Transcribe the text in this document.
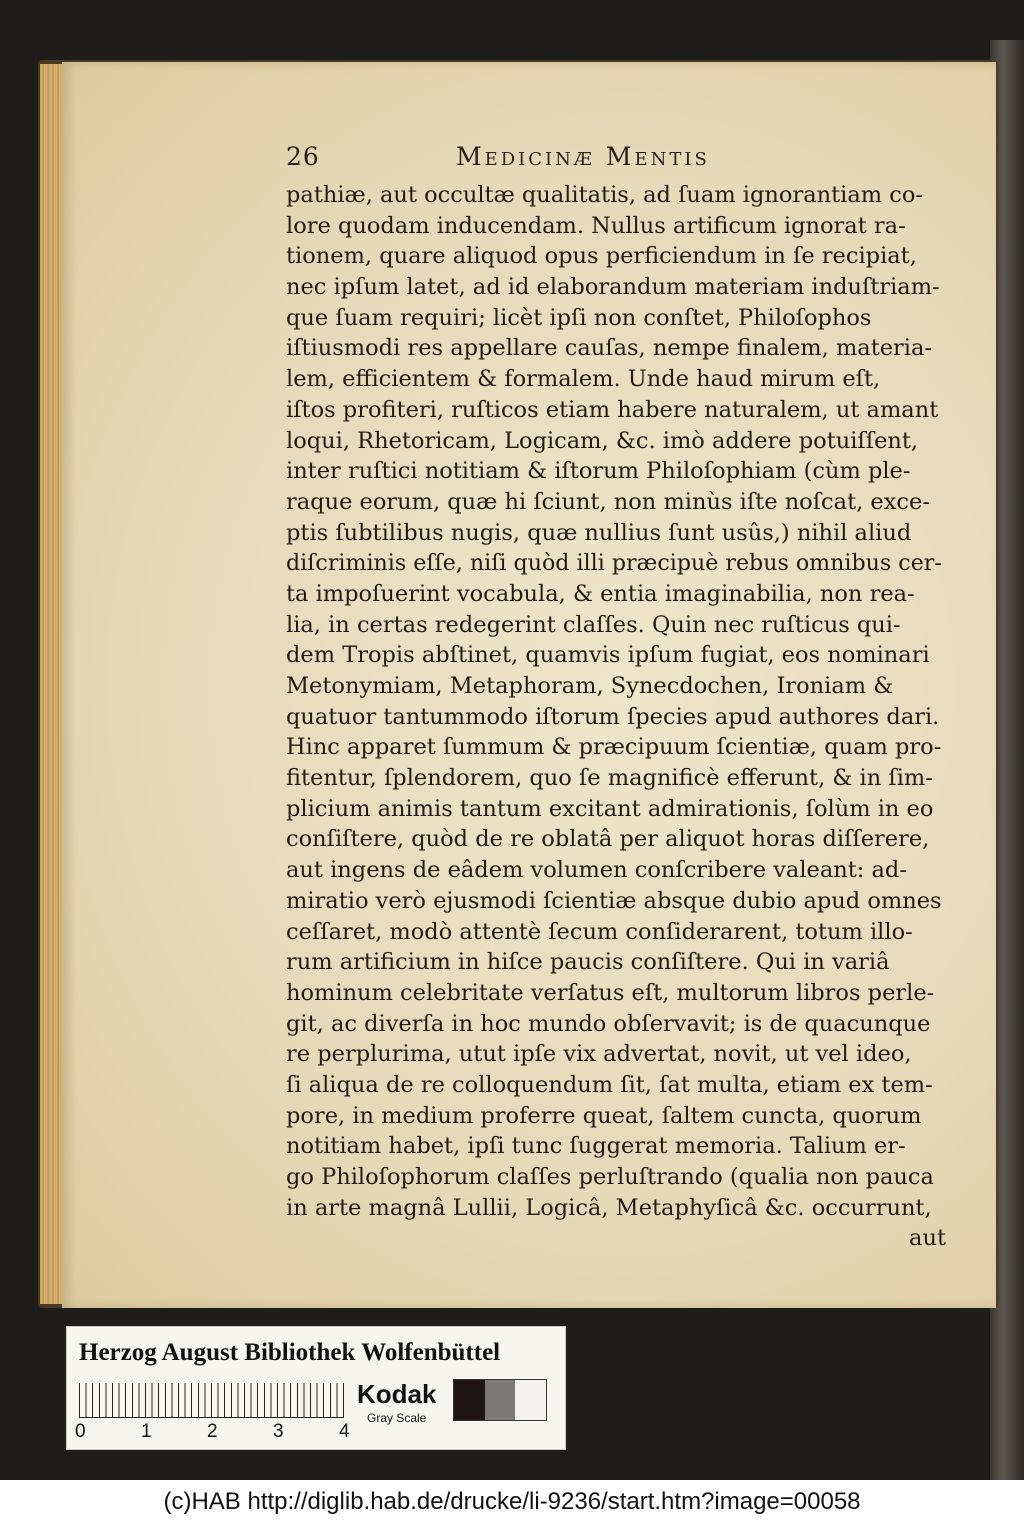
26	Medicinæ Mentis
pathiæ, aut occultæ qualitatis, ad ſuam ignorantiam co-
lore quodam inducendam. Nullus artificum ignorat ra-
tionem, quare aliquod opus perficiendum in ſe recipiat,
nec ipſum latet, ad id elaborandum materiam induſtriam-
que ſuam requiri; licèt ipſi non conſtet, Philoſophos
iſtiusmodi res appellare cauſas, nempe finalem, materia-
lem, efficientem & formalem. Unde haud mirum eſt,
iſtos profiteri, ruſticos etiam habere naturalem, ut amant
loqui, Rhetoricam, Logicam, &c. imò addere potuiſſent,
inter ruſtici notitiam & iſtorum Philoſophiam (cùm ple-
raque eorum, quæ hi ſciunt, non minùs iſte noſcat, exce-
ptis ſubtilibus nugis, quæ nullius ſunt usûs,) nihil aliud
diſcriminis eſſe, niſi quòd illi præcipuè rebus omnibus cer-
ta impoſuerint vocabula, & entia imaginabilia, non rea-
lia, in certas redegerint claſſes. Quin nec ruſticus qui-
dem Tropis abſtinet, quamvis ipſum fugiat, eos nominari
Metonymiam, Metaphoram, Synecdochen, Ironiam &
quatuor tantummodo iſtorum ſpecies apud authores dari.
Hinc apparet ſummum & præcipuum ſcientiæ, quam pro-
fitentur, ſplendorem, quo ſe magnificè efferunt, & in ſim-
plicium animis tantum excitant admirationis, ſolùm in eo
conſiſtere, quòd de re oblatâ per aliquot horas diſſerere,
aut ingens de eâdem volumen conſcribere valeant: ad-
miratio verò ejusmodi ſcientiæ absque dubio apud omnes
ceſſaret, modò attentè ſecum conſiderarent, totum illo-
rum artificium in hiſce paucis conſiſtere. Qui in variâ
hominum celebritate verſatus eſt, multorum libros perle-
git, ac diverſa in hoc mundo obſervavit; is de quacunque
re perplurima, utut ipſe vix advertat, novit, ut vel ideo,
ſi aliqua de re colloquendum ſit, ſat multa, etiam ex tem-
pore, in medium proferre queat, ſaltem cuncta, quorum
notitiam habet, ipſi tunc ſuggerat memoria. Talium er-
go Philoſophorum claſſes perluſtrando (qualia non pauca
in arte magnâ Lullii, Logicâ, Metaphyſicâ &c. occurrunt,
aut
Herzog August Bibliothek Wolfenbüttel
0	1	2	3	4
Kodak
Gray Scale
(c)HAB http://diglib.hab.de/drucke/li-9236/start.htm?image=00058
